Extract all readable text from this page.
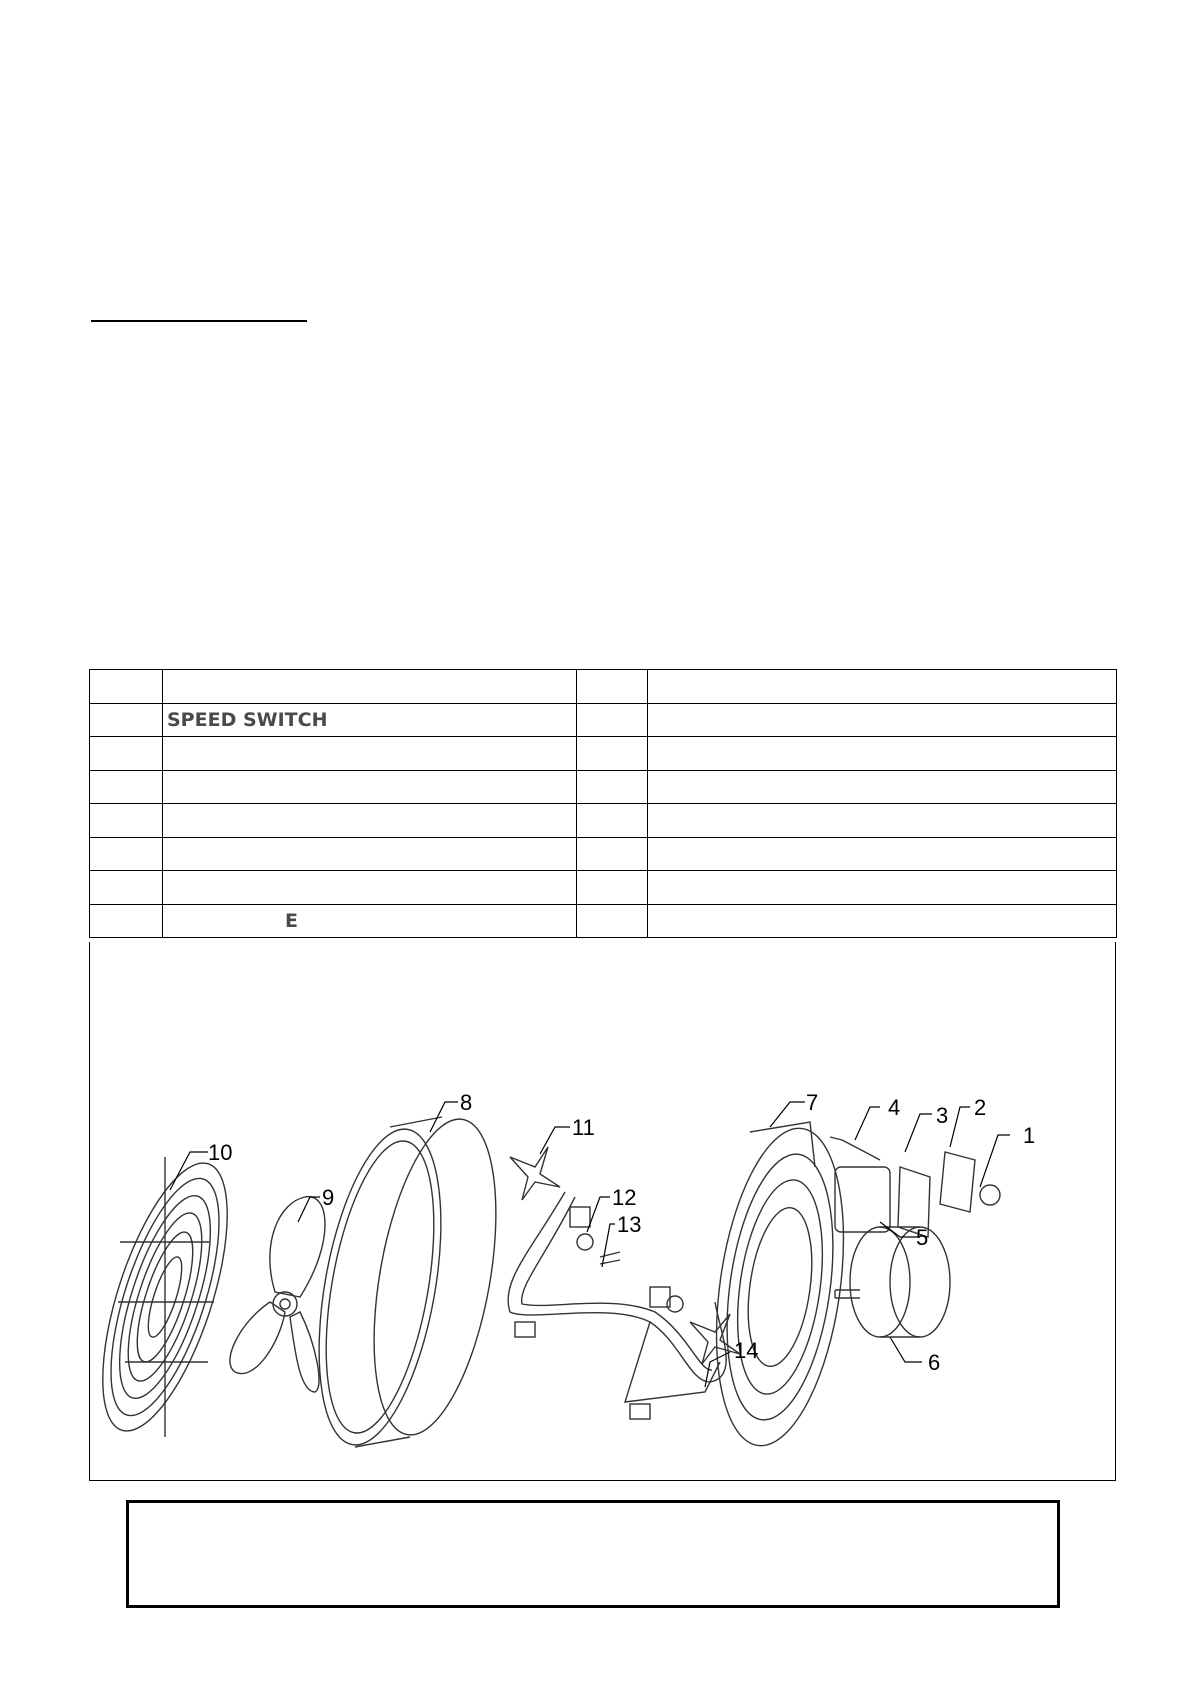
	SPEED SWITCH		

	E		
1
2
3
4
5
6
7
8
9
10
11
12
13
14
